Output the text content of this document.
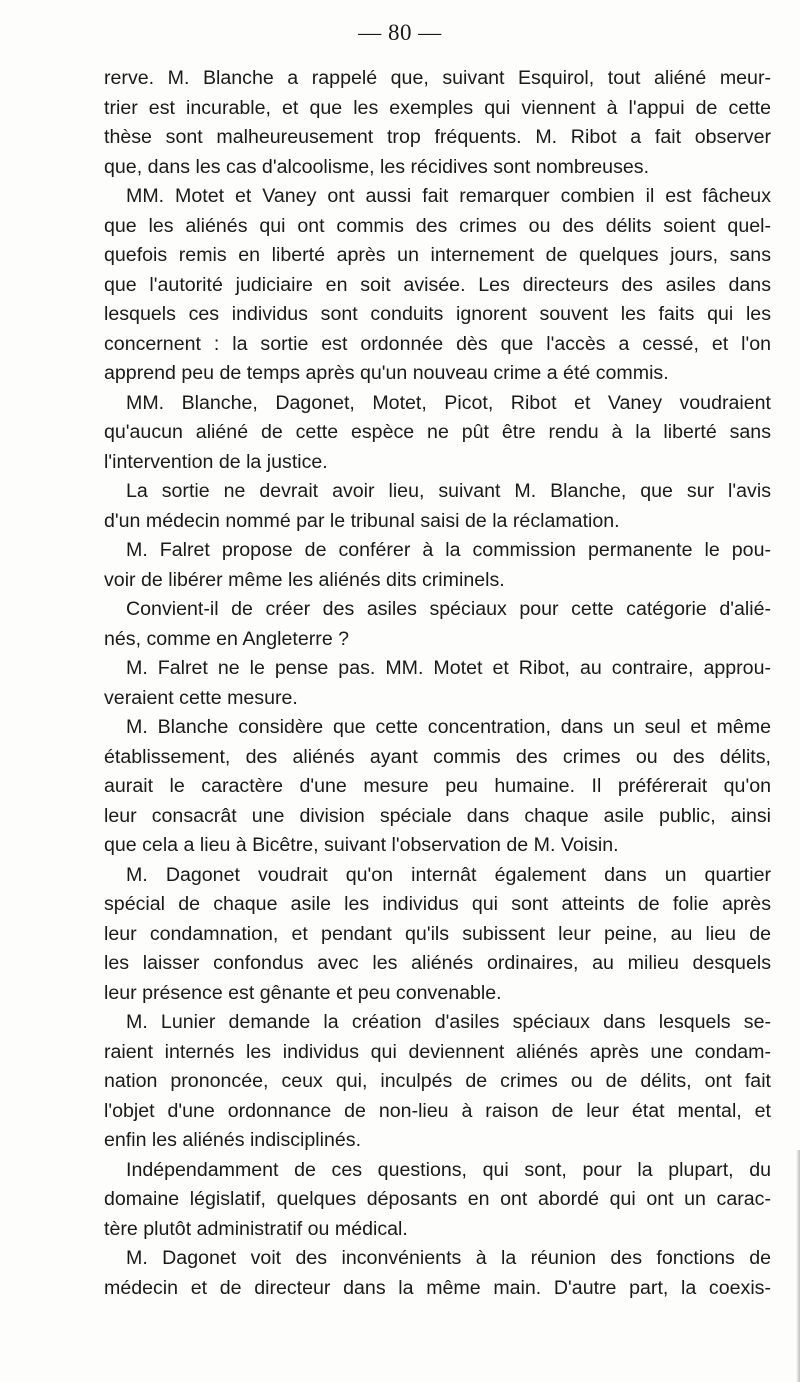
— 80 —
rerve. M. Blanche a rappelé que, suivant Esquirol, tout aliéné meur-
trier est incurable, et que les exemples qui viennent à l'appui de cette
thèse sont malheureusement trop fréquents. M. Ribot a fait observer
que, dans les cas d'alcoolisme, les récidives sont nombreuses.
MM. Motet et Vaney ont aussi fait remarquer combien il est fâcheux
que les aliénés qui ont commis des crimes ou des délits soient quel-
quefois remis en liberté après un internement de quelques jours, sans
que l'autorité judiciaire en soit avisée. Les directeurs des asiles dans
lesquels ces individus sont conduits ignorent souvent les faits qui les
concernent : la sortie est ordonnée dès que l'accès a cessé, et l'on
apprend peu de temps après qu'un nouveau crime a été commis.
MM. Blanche, Dagonet, Motet, Picot, Ribot et Vaney voudraient
qu'aucun aliéné de cette espèce ne pût être rendu à la liberté sans
l'intervention de la justice.
La sortie ne devrait avoir lieu, suivant M. Blanche, que sur l'avis
d'un médecin nommé par le tribunal saisi de la réclamation.
M. Falret propose de conférer à la commission permanente le pou-
voir de libérer même les aliénés dits criminels.
Convient-il de créer des asiles spéciaux pour cette catégorie d'alié-
nés, comme en Angleterre ?
M. Falret ne le pense pas. MM. Motet et Ribot, au contraire, approu-
veraient cette mesure.
M. Blanche considère que cette concentration, dans un seul et même
établissement, des aliénés ayant commis des crimes ou des délits,
aurait le caractère d'une mesure peu humaine. Il préférerait qu'on
leur consacrât une division spéciale dans chaque asile public, ainsi
que cela a lieu à Bicêtre, suivant l'observation de M. Voisin.
M. Dagonet voudrait qu'on internât également dans un quartier
spécial de chaque asile les individus qui sont atteints de folie après
leur condamnation, et pendant qu'ils subissent leur peine, au lieu de
les laisser confondus avec les aliénés ordinaires, au milieu desquels
leur présence est gênante et peu convenable.
M. Lunier demande la création d'asiles spéciaux dans lesquels se-
raient internés les individus qui deviennent aliénés après une condam-
nation prononcée, ceux qui, inculpés de crimes ou de délits, ont fait
l'objet d'une ordonnance de non-lieu à raison de leur état mental, et
enfin les aliénés indisciplinés.
Indépendamment de ces questions, qui sont, pour la plupart, du
domaine législatif, quelques déposants en ont abordé qui ont un carac-
tère plutôt administratif ou médical.
M. Dagonet voit des inconvénients à la réunion des fonctions de
médecin et de directeur dans la même main. D'autre part, la coexis-
